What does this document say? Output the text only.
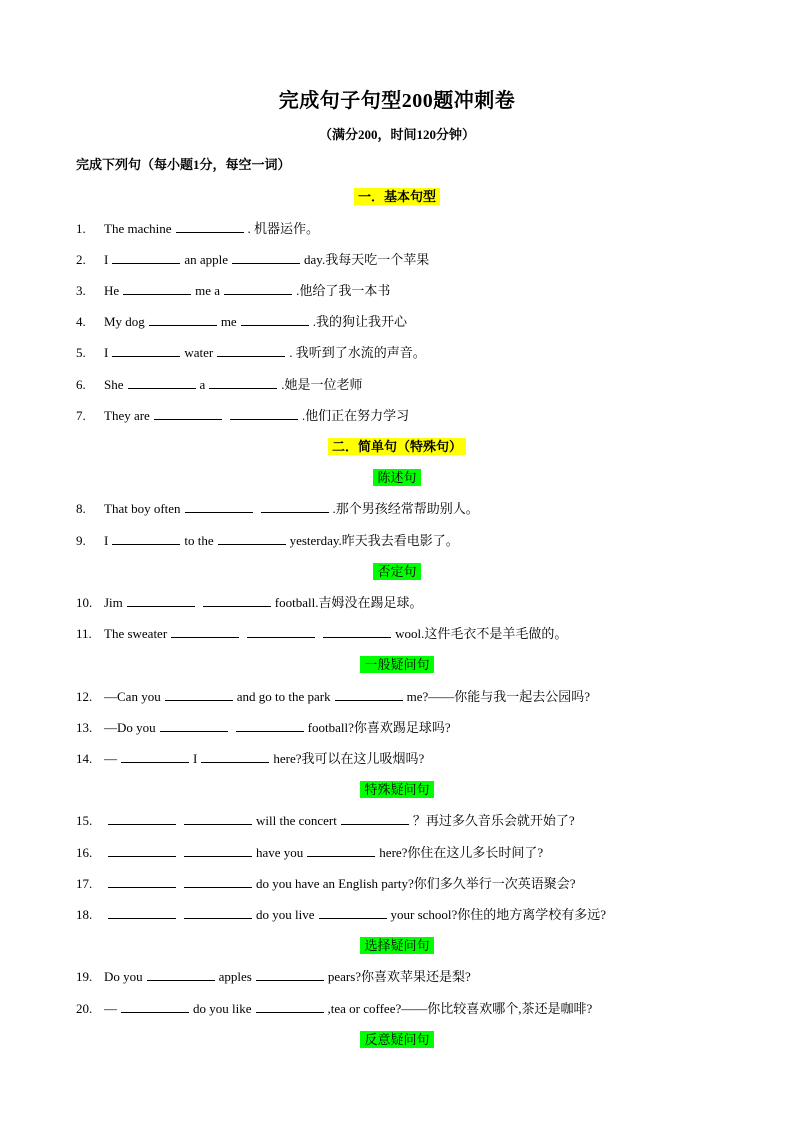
完成句子句型200题冲刺卷
（满分200，时间120分钟）
完成下列句（每小题1分，每空一词）
一．基本句型
1. The machine	. 机器运作。
2. I	an apple	day.我每天吃一个苹果
3. He	me a	.他给了我一本书
4. My dog	me	.我的狗让我开心
5. I	water	. 我听到了水流的声音。
6. She	a	.她是一位老师
7. They are	.他们正在努力学习
二．简单句（特殊句）
陈述句
8. That boy often	.那个男孩经常帮助别人。
9. I	to the	yesterday.昨天我去看电影了。
否定句
10. Jim	football.吉姆没在踢足球。
11. The sweater	wool.这件毛衣不是羊毛做的。
一般疑问句
12. —Can you	and go to the park	me?——你能与我一起去公园吗?
13. —Do you	football?你喜欢踢足球吗?
14. —	I	here?我可以在这儿吸烟吗?
特殊疑问句
15.	will the concert	？再过多久音乐会就开始了?
16.	have you	here?你住在这儿多长时间了?
17.	do you have an English party?你们多久举行一次英语聚会?
18.	do you live	your school?你住的地方离学校有多远?
选择疑问句
19. Do you	apples	pears?你喜欢苹果还是梨?
20. —	do you like	,tea or coffee?——你比较喜欢哪个,茶还是咖啡?
反意疑问句
